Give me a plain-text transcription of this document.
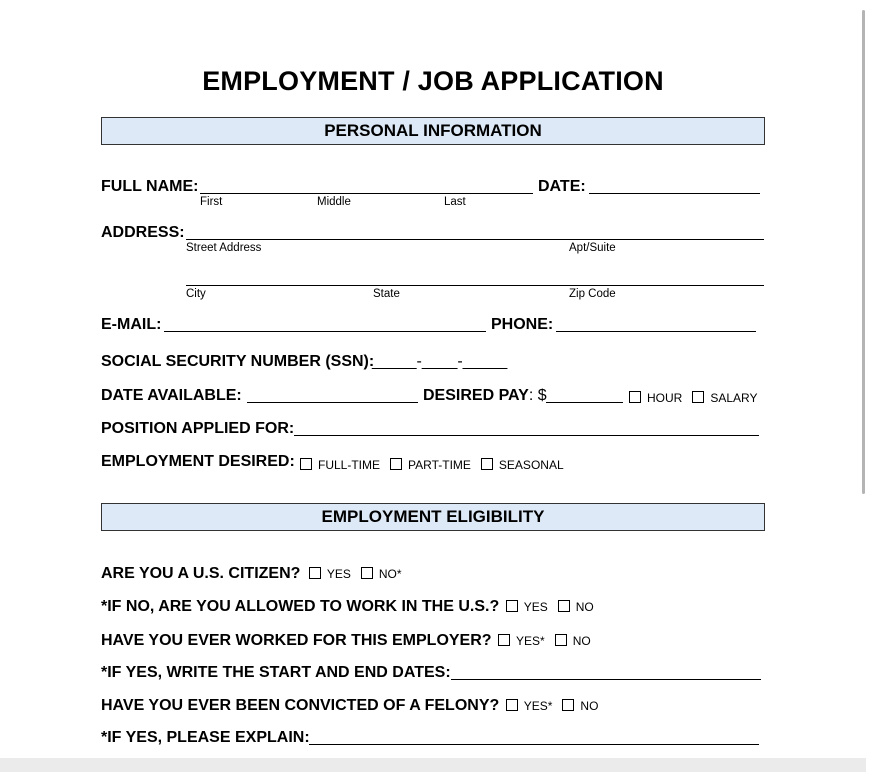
EMPLOYMENT / JOB APPLICATION
PERSONAL INFORMATION
FULL NAME:	DATE:
First	Middle	Last
ADDRESS:
Street Address	Apt/Suite
City	State	Zip Code
E-MAIL:	PHONE:
SOCIAL SECURITY NUMBER (SSN):
_____-____-_____
DATE AVAILABLE:	DESIRED PAY: $	HOUR SALARY
POSITION APPLIED FOR:
EMPLOYMENT DESIRED:	FULL-TIME PART-TIME SEASONAL
EMPLOYMENT ELIGIBILITY
ARE YOU A U.S. CITIZEN? YES NO*
*IF NO, ARE YOU ALLOWED TO WORK IN THE U.S.? YES NO
HAVE YOU EVER WORKED FOR THIS EMPLOYER? YES* NO
*IF YES, WRITE THE START AND END DATES:
HAVE YOU EVER BEEN CONVICTED OF A FELONY? YES* NO
*IF YES, PLEASE EXPLAIN:
